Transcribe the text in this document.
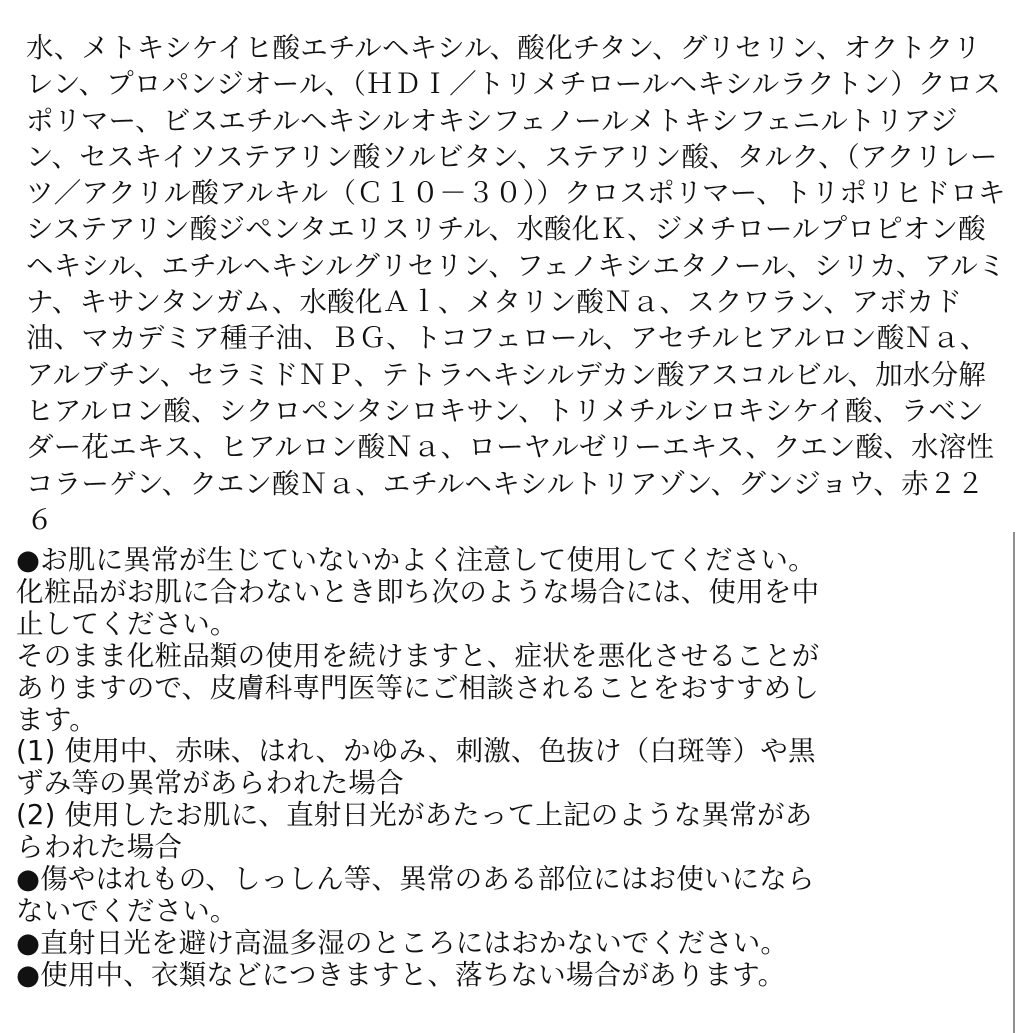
水、メトキシケイヒ酸エチルヘキシル、酸化チタン、グリセリン、オクトクリレン、プロパンジオール、（ＨＤＩ／トリメチロールヘキシルラクトン）クロスポリマー、ビスエチルヘキシルオキシフェノールメトキシフェニルトリアジン、セスキイソステアリン酸ソルビタン、ステアリン酸、タルク、（アクリレーツ／アクリル酸アルキル（Ｃ１０－３０））クロスポリマー、トリポリヒドロキシステアリン酸ジペンタエリスリチル、水酸化Ｋ、ジメチロールプロピオン酸ヘキシル、エチルヘキシルグリセリン、フェノキシエタノール、シリカ、アルミナ、キサンタンガム、水酸化Ａｌ、メタリン酸Ｎａ、スクワラン、アボカド油、マカデミア種子油、ＢＧ、トコフェロール、アセチルヒアルロン酸Ｎａ、アルブチン、セラミドＮＰ、テトラヘキシルデカン酸アスコルビル、加水分解ヒアルロン酸、シクロペンタシロキサン、トリメチルシロキシケイ酸、ラベンダー花エキス、ヒアルロン酸Ｎａ、ローヤルゼリーエキス、クエン酸、水溶性コラーゲン、クエン酸Ｎａ、エチルヘキシルトリアゾン、グンジョウ、赤２２６

●お肌に異常が生じていないかよく注意して使用してください。
化粧品がお肌に合わないとき即ち次のような場合には、使用を中
止してください。
そのまま化粧品類の使用を続けますと、症状を悪化させることが
ありますので、皮膚科専門医等にご相談されることをおすすめし
ます。
(1) 使用中、赤味、はれ、かゆみ、刺激、色抜け（白斑等）や黒
ずみ等の異常があらわれた場合
(2) 使用したお肌に、直射日光があたって上記のような異常があ
らわれた場合
●傷やはれもの、しっしん等、異常のある部位にはお使いになら
ないでください。
●直射日光を避け高温多湿のところにはおかないでください。
●使用中、衣類などにつきますと、落ちない場合があります。
